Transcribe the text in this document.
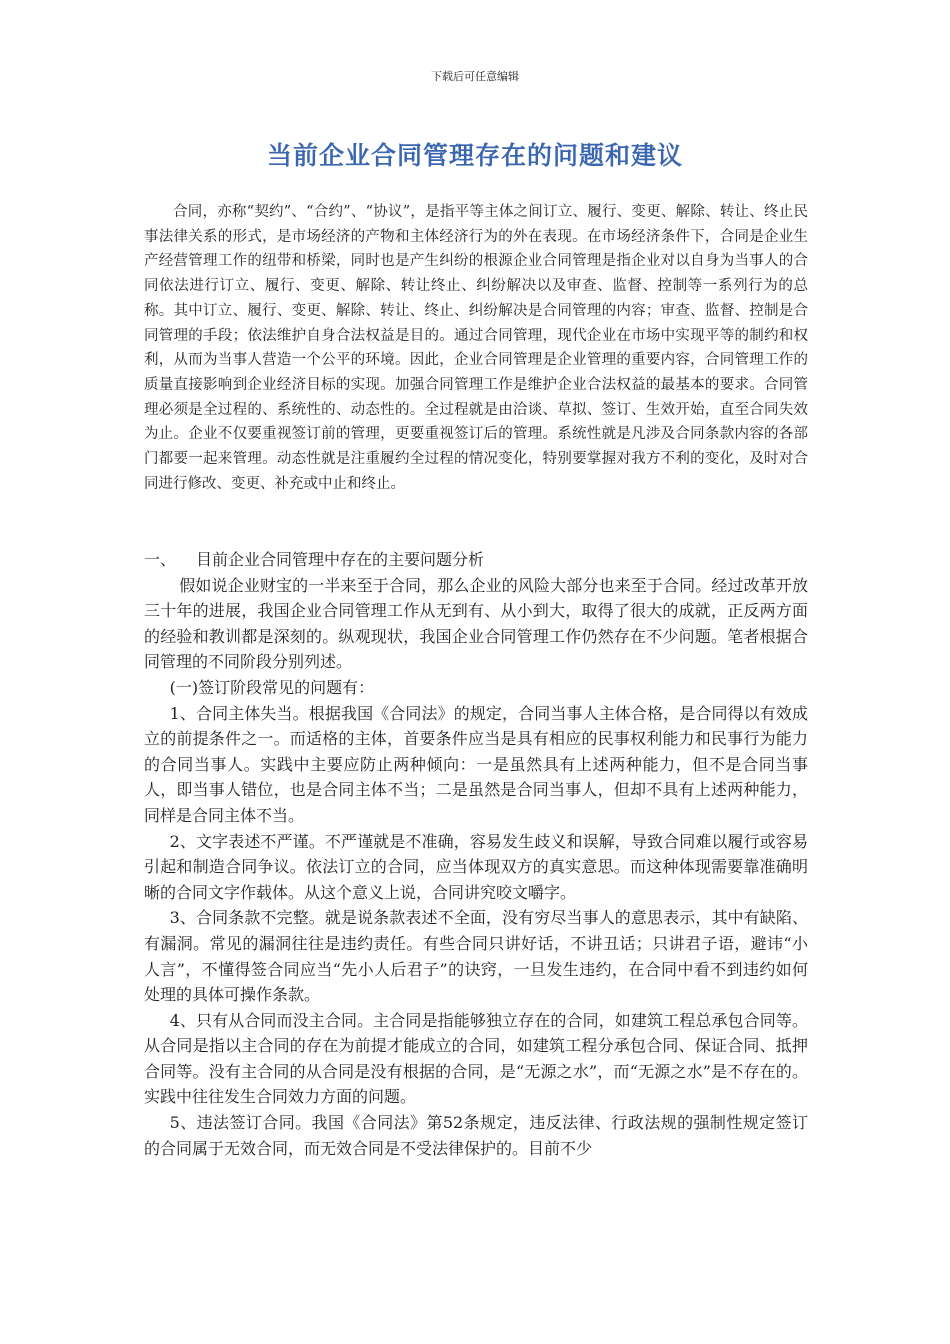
下载后可任意编辑
当前企业合同管理存在的问题和建议

合同，亦称“契约”、“合约”、“协议”，是指平等主体之间订立、履行、变更、解除、转让、终止民事法律关系的形式，是市场经济的产物和主体经济行为的外在表现。在市场经济条件下，合同是企业生产经营管理工作的纽带和桥梁，同时也是产生纠纷的根源企业合同管理是指企业对以自身为当事人的合同依法进行订立、履行、变更、解除、转让终止、纠纷解决以及审查、监督、控制等一系列行为的总称。其中订立、履行、变更、解除、转让、终止、纠纷解决是合同管理的内容；审查、监督、控制是合同管理的手段；依法维护自身合法权益是目的。通过合同管理，现代企业在市场中实现平等的制约和权利，从而为当事人营造一个公平的环境。因此，企业合同管理是企业管理的重要内容，合同管理工作的质量直接影响到企业经济目标的实现。加强合同管理工作是维护企业合法权益的最基本的要求。合同管理必须是全过程的、系统性的、动态性的。全过程就是由洽谈、草拟、签订、生效开始，直至合同失效为止。企业不仅要重视签订前的管理，更要重视签订后的管理。系统性就是凡涉及合同条款内容的各部门都要一起来管理。动态性就是注重履约全过程的情况变化，特别要掌握对我方不利的变化，及时对合同进行修改、变更、补充或中止和终止。

一、 目前企业合同管理中存在的主要问题分析

假如说企业财宝的一半来至于合同，那么企业的风险大部分也来至于合同。经过改革开放三十年的进展，我国企业合同管理工作从无到有、从小到大，取得了很大的成就，正反两方面的经验和教训都是深刻的。纵观现状，我国企业合同管理工作仍然存在不少问题。笔者根据合同管理的不同阶段分别列述。

(一)签订阶段常见的问题有：

1、合同主体失当。根据我国《合同法》的规定，合同当事人主体合格，是合同得以有效成立的前提条件之一。而适格的主体，首要条件应当是具有相应的民事权利能力和民事行为能力的合同当事人。实践中主要应防止两种倾向：一是虽然具有上述两种能力，但不是合同当事人，即当事人错位，也是合同主体不当；二是虽然是合同当事人，但却不具有上述两种能力，同样是合同主体不当。

2、文字表述不严谨。不严谨就是不准确，容易发生歧义和误解，导致合同难以履行或容易引起和制造合同争议。依法订立的合同，应当体现双方的真实意思。而这种体现需要靠准确明晰的合同文字作载体。从这个意义上说，合同讲究咬文嚼字。

3、合同条款不完整。就是说条款表述不全面，没有穷尽当事人的意思表示，其中有缺陷、有漏洞。常见的漏洞往往是违约责任。有些合同只讲好话，不讲丑话；只讲君子语，避讳“小人言”，不懂得签合同应当“先小人后君子”的诀窍，一旦发生违约，在合同中看不到违约如何处理的具体可操作条款。

4、只有从合同而没主合同。主合同是指能够独立存在的合同，如建筑工程总承包合同等。从合同是指以主合同的存在为前提才能成立的合同，如建筑工程分承包合同、保证合同、抵押合同等。没有主合同的从合同是没有根据的合同，是“无源之水”，而“无源之水”是不存在的。实践中往往发生合同效力方面的问题。

5、违法签订合同。我国《合同法》第52条规定，违反法律、行政法规的强制性规定签订的合同属于无效合同，而无效合同是不受法律保护的。目前不少
